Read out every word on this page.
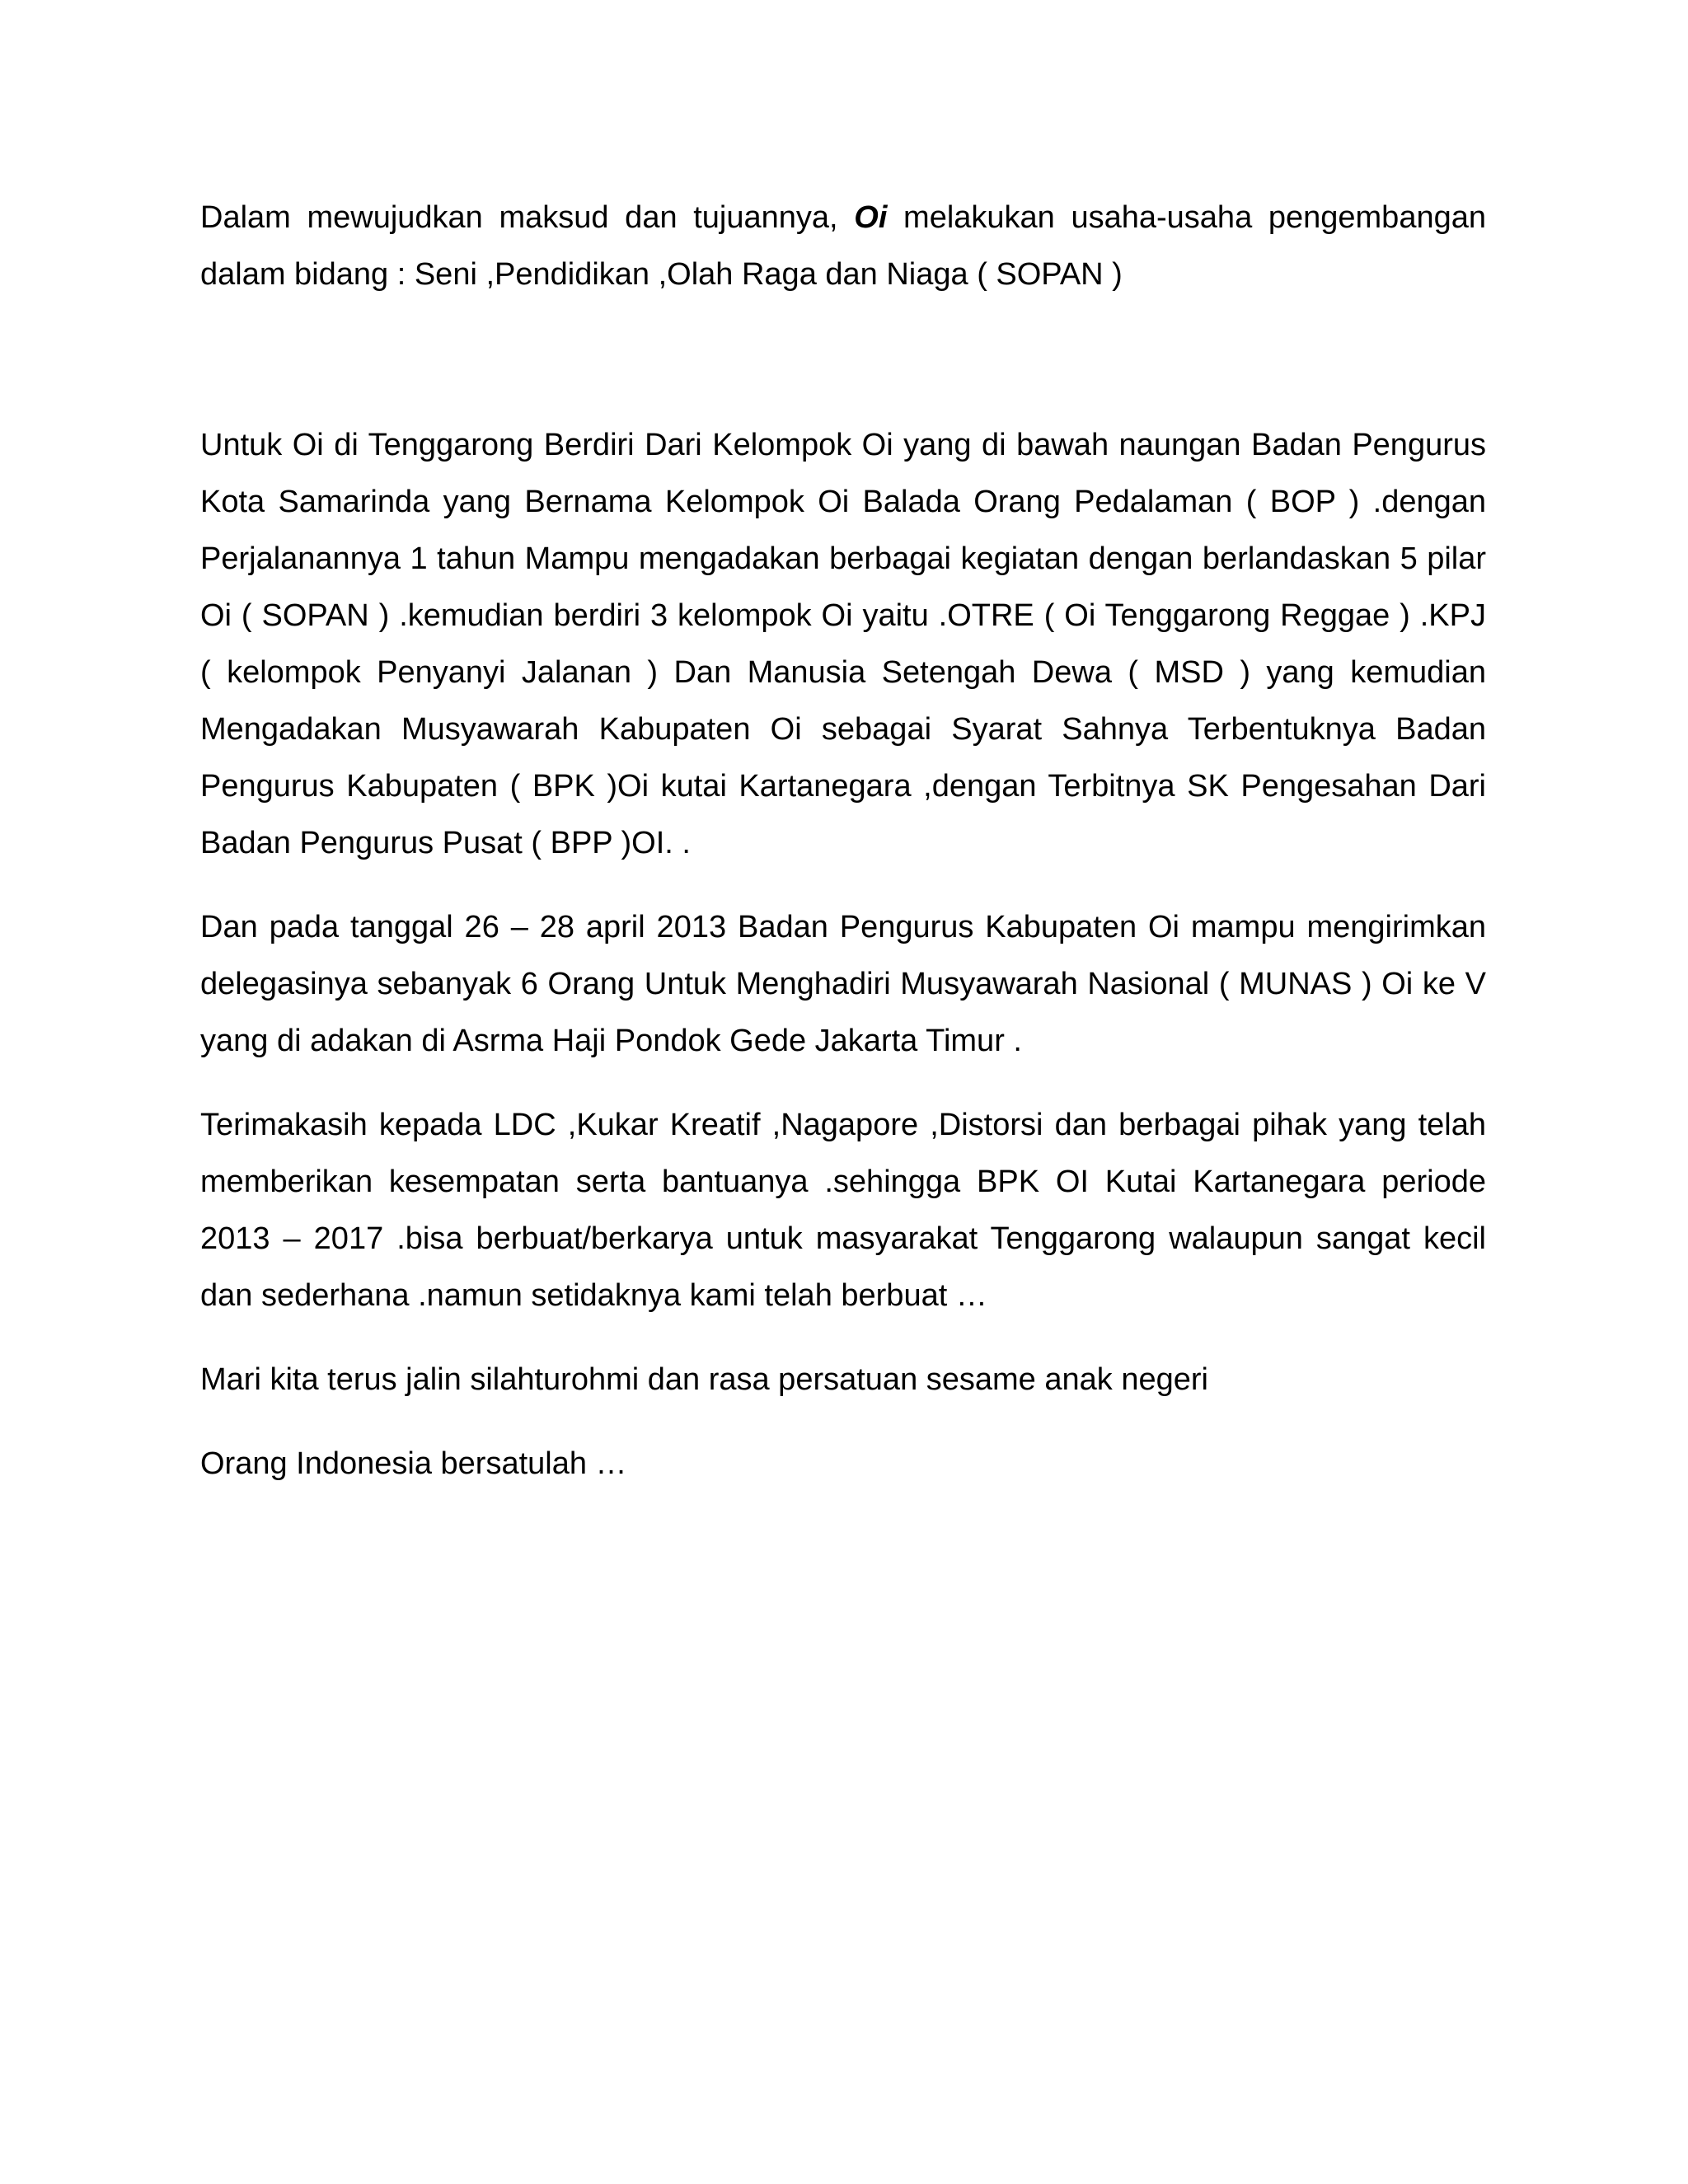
Dalam mewujudkan maksud dan tujuannya, Oi melakukan usaha-usaha pengembangan dalam bidang : Seni ,Pendidikan ,Olah Raga dan Niaga ( SOPAN )

Untuk Oi di Tenggarong Berdiri Dari Kelompok Oi yang di bawah naungan Badan Pengurus Kota Samarinda yang Bernama Kelompok Oi Balada Orang Pedalaman ( BOP ) .dengan Perjalanannya 1 tahun Mampu mengadakan berbagai kegiatan dengan berlandaskan 5 pilar Oi ( SOPAN ) .kemudian berdiri 3 kelompok Oi yaitu .OTRE ( Oi Tenggarong Reggae ) .KPJ ( kelompok Penyanyi Jalanan ) Dan Manusia Setengah Dewa ( MSD ) yang kemudian Mengadakan Musyawarah Kabupaten Oi sebagai Syarat Sahnya Terbentuknya Badan Pengurus Kabupaten ( BPK )Oi kutai Kartanegara ,dengan Terbitnya SK Pengesahan Dari Badan Pengurus Pusat ( BPP )OI. .

Dan pada tanggal 26 – 28 april 2013 Badan Pengurus Kabupaten Oi mampu mengirimkan delegasinya sebanyak 6 Orang Untuk Menghadiri Musyawarah Nasional ( MUNAS ) Oi ke V yang di adakan di Asrma Haji Pondok Gede Jakarta Timur .

Terimakasih kepada LDC ,Kukar Kreatif ,Nagapore ,Distorsi dan berbagai pihak yang telah memberikan kesempatan serta bantuanya .sehingga BPK OI Kutai Kartanegara periode 2013 – 2017 .bisa berbuat/berkarya untuk masyarakat Tenggarong walaupun sangat kecil dan sederhana .namun setidaknya kami telah berbuat …

Mari kita terus jalin silahturohmi dan rasa persatuan sesame anak negeri

Orang Indonesia bersatulah …
